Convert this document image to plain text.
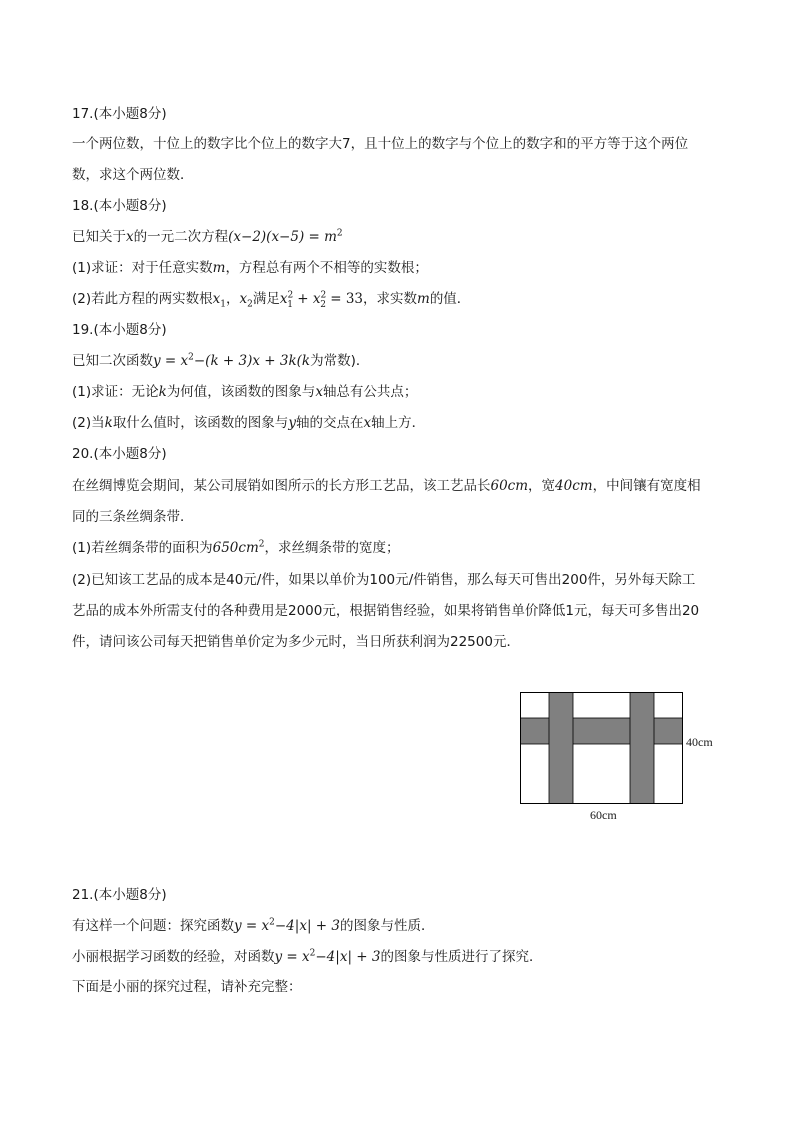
17.(本小题8分)
一个两位数，十位上的数字比个位上的数字大7，且十位上的数字与个位上的数字和的平方等于这个两位
数，求这个两位数．
18.(本小题8分)
已知关于x的一元二次方程$(x-2)(x-5) = m^2$
(1)求证：对于任意实数m，方程总有两个不相等的实数根；
(2)若此方程的两实数根$x_1$，$x_2$满足$x^2_1 + x^2_2 = 33$，求实数m的值．
19.(本小题8分)
已知二次函数$y = x^2-(k + 3)x + 3k(k$为常数)．
(1)求证：无论k为何值，该函数的图象与x轴总有公共点；
(2)当k取什么值时，该函数的图象与y轴的交点在x轴上方．
20.(本小题8分)
在丝绸博览会期间，某公司展销如图所示的长方形工艺品，该工艺品长60cm，宽40cm，中间镶有宽度相
同的三条丝绸条带．
(1)若丝绸条带的面积为$650cm^2$，求丝绸条带的宽度；
(2)已知该工艺品的成本是40元/件，如果以单价为100元/件销售，那么每天可售出200件，另外每天除工
艺品的成本外所需支付的各种费用是2000元，根据销售经验，如果将销售单价降低1元，每天可多售出20
件，请问该公司每天把销售单价定为多少元时，当日所获利润为22500元．
40cm
60cm
21.(本小题8分)
有这样一个问题：探究函数$y = x^2-4|x| + 3$的图象与性质．
小丽根据学习函数的经验，对函数$y = x^2-4|x| + 3$的图象与性质进行了探究．
下面是小丽的探究过程，请补充完整：
